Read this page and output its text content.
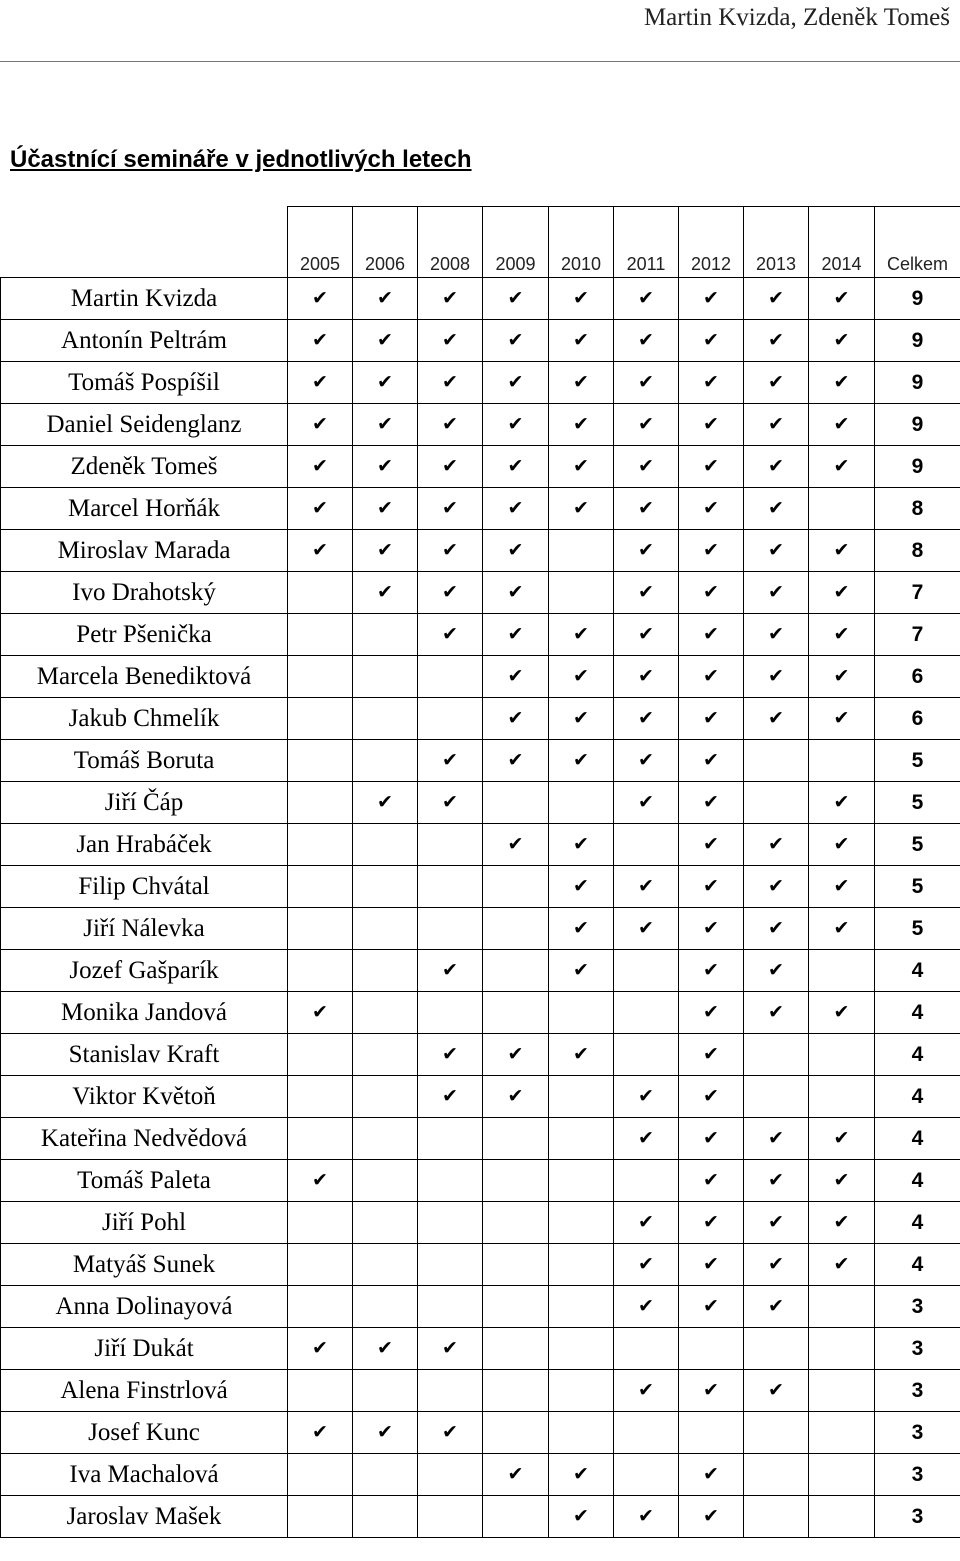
Martin Kvizda, Zdeněk Tomeš
Účastnící semináře v jednotlivých letech
	2005	2006	2008	2009	2010	2011	2012	2013	2014	Celkem
Martin Kvizda	✔	✔	✔	✔	✔	✔	✔	✔	✔	9
Antonín Peltrám	✔	✔	✔	✔	✔	✔	✔	✔	✔	9
Tomáš Pospíšil	✔	✔	✔	✔	✔	✔	✔	✔	✔	9
Daniel Seidenglanz	✔	✔	✔	✔	✔	✔	✔	✔	✔	9
Zdeněk Tomeš	✔	✔	✔	✔	✔	✔	✔	✔	✔	9
Marcel Horňák	✔	✔	✔	✔	✔	✔	✔	✔		8
Miroslav Marada	✔	✔	✔	✔		✔	✔	✔	✔	8
Ivo Drahotský		✔	✔	✔		✔	✔	✔	✔	7
Petr Pšenička			✔	✔	✔	✔	✔	✔	✔	7
Marcela Benediktová				✔	✔	✔	✔	✔	✔	6
Jakub Chmelík				✔	✔	✔	✔	✔	✔	6
Tomáš Boruta			✔	✔	✔	✔	✔			5
Jiří Čáp		✔	✔			✔	✔		✔	5
Jan Hrabáček				✔	✔		✔	✔	✔	5
Filip Chvátal					✔	✔	✔	✔	✔	5
Jiří Nálevka					✔	✔	✔	✔	✔	5
Jozef Gašparík			✔		✔		✔	✔		4
Monika Jandová	✔						✔	✔	✔	4
Stanislav Kraft			✔	✔	✔		✔			4
Viktor Květoň			✔	✔		✔	✔			4
Kateřina Nedvědová						✔	✔	✔	✔	4
Tomáš Paleta	✔						✔	✔	✔	4
Jiří Pohl						✔	✔	✔	✔	4
Matyáš Sunek						✔	✔	✔	✔	4
Anna Dolinayová						✔	✔	✔		3
Jiří Dukát	✔	✔	✔							3
Alena Finstrlová						✔	✔	✔		3
Josef Kunc	✔	✔	✔							3
Iva Machalová				✔	✔		✔			3
Jaroslav Mašek					✔	✔	✔			3
